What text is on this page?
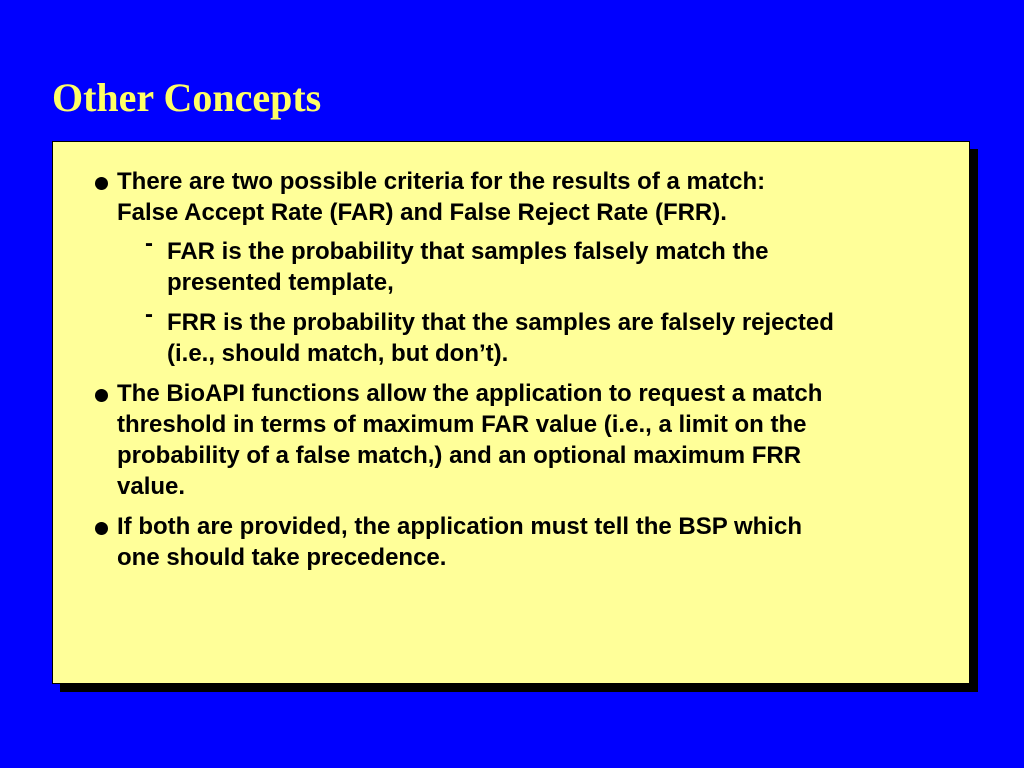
Other Concepts
There are two possible criteria for the results of a match:
False Accept Rate (FAR) and False Reject Rate (FRR).
- FAR is the probability that samples falsely match the
presented template,
- FRR is the probability that the samples are falsely rejected
(i.e., should match, but don’t).
The BioAPI functions allow the application to request a match
threshold in terms of maximum FAR value (i.e., a limit on the
probability of a false match,) and an optional maximum FRR
value.
If both are provided, the application must tell the BSP which
one should take precedence.
